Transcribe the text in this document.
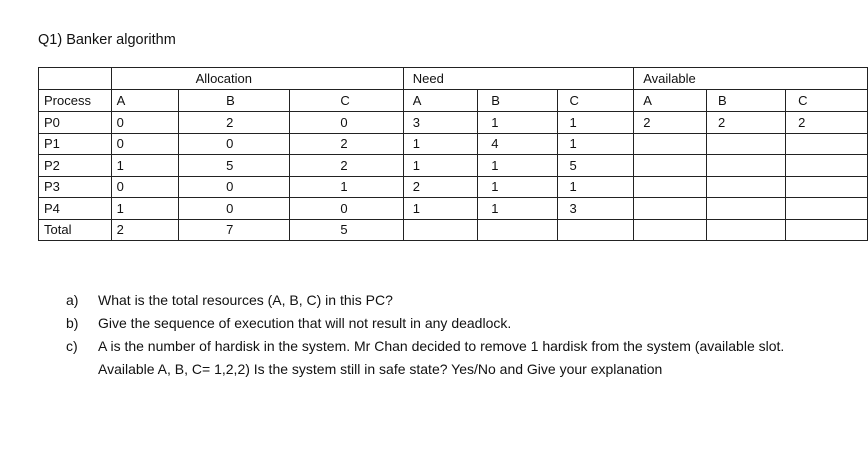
Q1) Banker algorithm
	Allocation			Need			Available		
Process	A	B	C	A	B	C	A	B	C
P0	0	2	0	3	1	1	2	2	2
P1	0	0	2	1	4	1			
P2	1	5	2	1	1	5			
P3	0	0	1	2	1	1			
P4	1	0	0	1	1	3			
Total	2	7	5						
a)	What is the total resources (A, B, C) in this PC?
b)	Give the sequence of execution that will not result in any deadlock.
c)	A is the number of hardisk in the system. Mr Chan decided to remove 1 hardisk from the system (available slot. Available A, B, C= 1,2,2) Is the system still in safe state? Yes/No and Give your explanation
